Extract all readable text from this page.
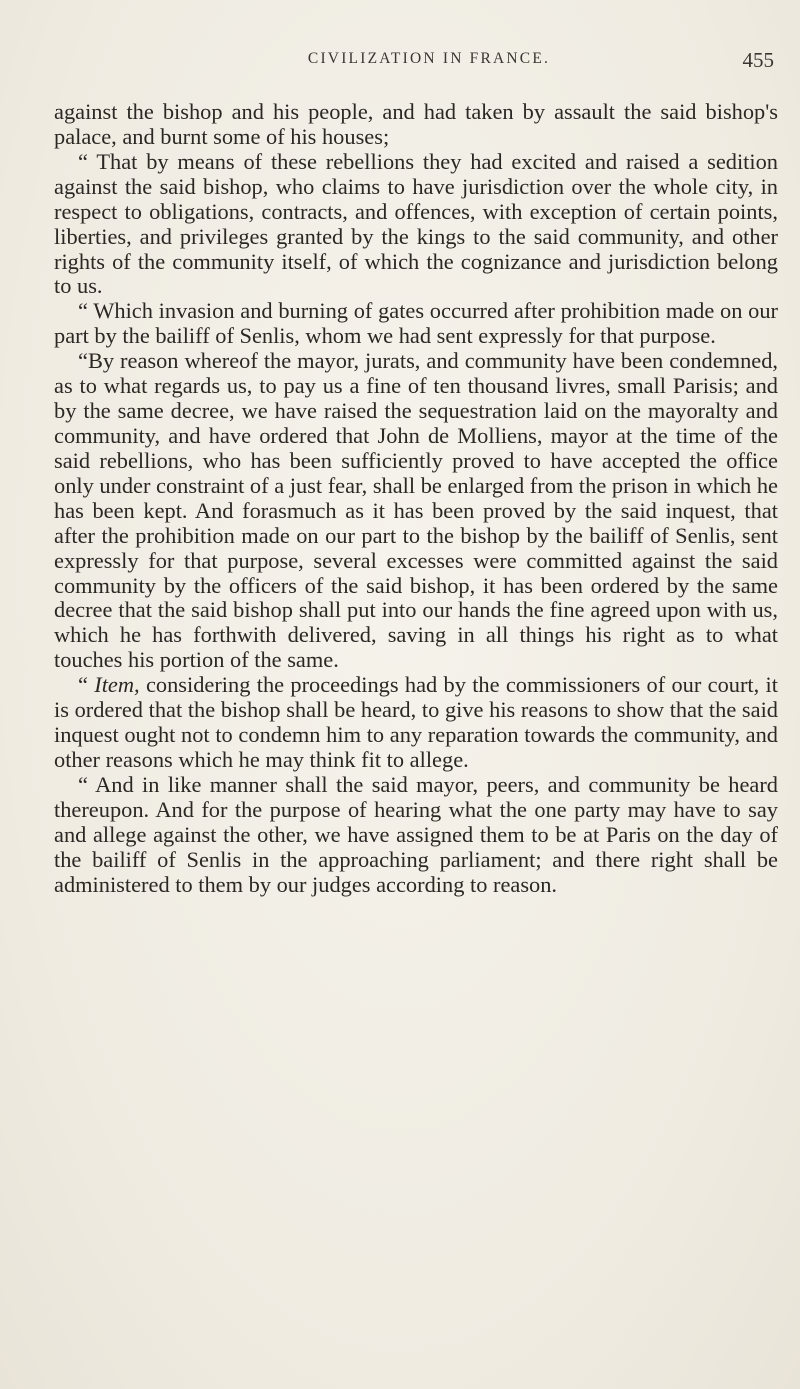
CIVILIZATION IN FRANCE.	455

against the bishop and his people, and had taken by assault the said bishop's palace, and burnt some of his houses;

“ That by means of these rebellions they had excited and raised a sedition against the said bishop, who claims to have jurisdiction over the whole city, in respect to obligations, contracts, and offences, with exception of certain points, liberties, and privileges granted by the kings to the said community, and other rights of the community itself, of which the cognizance and jurisdiction belong to us.

“ Which invasion and burning of gates occurred after prohibition made on our part by the bailiff of Senlis, whom we had sent expressly for that purpose.

“By reason whereof the mayor, jurats, and community have been condemned, as to what regards us, to pay us a fine of ten thousand livres, small Parisis; and by the same decree, we have raised the sequestration laid on the mayoralty and community, and have ordered that John de Molliens, mayor at the time of the said rebellions, who has been sufficiently proved to have accepted the office only under constraint of a just fear, shall be enlarged from the prison in which he has been kept. And forasmuch as it has been proved by the said inquest, that after the prohibition made on our part to the bishop by the bailiff of Senlis, sent expressly for that purpose, several excesses were committed against the said community by the officers of the said bishop, it has been ordered by the same decree that the said bishop shall put into our hands the fine agreed upon with us, which he has forthwith delivered, saving in all things his right as to what touches his portion of the same.

“ Item, considering the proceedings had by the commissioners of our court, it is ordered that the bishop shall be heard, to give his reasons to show that the said inquest ought not to condemn him to any reparation towards the community, and other reasons which he may think fit to allege.

“ And in like manner shall the said mayor, peers, and community be heard thereupon. And for the purpose of hearing what the one party may have to say and allege against the other, we have assigned them to be at Paris on the day of the bailiff of Senlis in the approaching parliament; and there right shall be administered to them by our judges according to reason.
